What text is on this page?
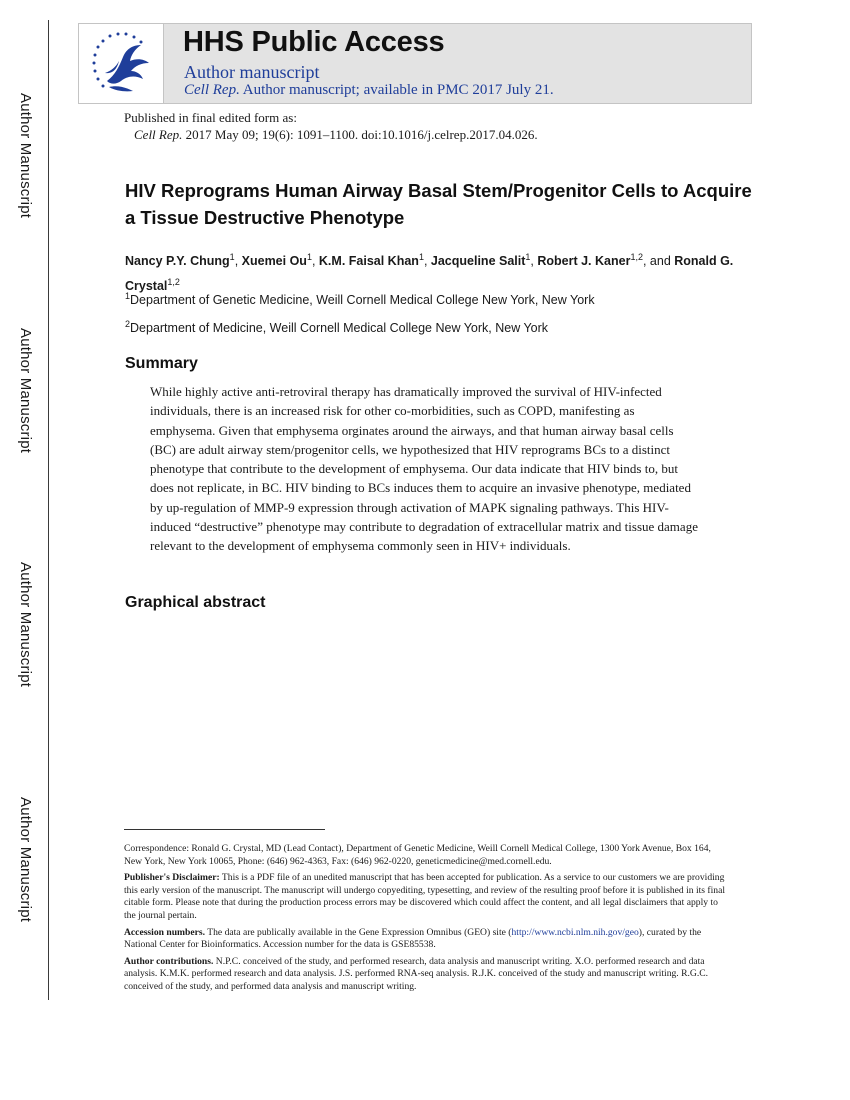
Author Manuscript
Author Manuscript
Author Manuscript
Author Manuscript
HHS Public Access
Author manuscript
Cell Rep. Author manuscript; available in PMC 2017 July 21.
Published in final edited form as:
Cell Rep. 2017 May 09; 19(6): 1091–1100. doi:10.1016/j.celrep.2017.04.026.
HIV Reprograms Human Airway Basal Stem/Progenitor Cells to Acquire a Tissue Destructive Phenotype
Nancy P.Y. Chung$^1$, Xuemei Ou$^1$, K.M. Faisal Khan$^1$, Jacqueline Salit$^1$, Robert J. Kaner$^{1,2}$, and Ronald G. Crystal$^{1,2}$
$^1$Department of Genetic Medicine, Weill Cornell Medical College New York, New York
$^2$Department of Medicine, Weill Cornell Medical College New York, New York
Summary

While highly active anti-retroviral therapy has dramatically improved the survival of HIV-infected individuals, there is an increased risk for other co-morbidities, such as COPD, manifesting as emphysema. Given that emphysema orginates around the airways, and that human airway basal cells (BC) are adult airway stem/progenitor cells, we hypothesized that HIV reprograms BCs to a distinct phenotype that contribute to the development of emphysema. Our data indicate that HIV binds to, but does not replicate, in BC. HIV binding to BCs induces them to acquire an invasive phenotype, mediated by up-regulation of MMP-9 expression through activation of MAPK signaling pathways. This HIV-induced “destructive” phenotype may contribute to degradation of extracellular matrix and tissue damage relevant to the development of emphysema commonly seen in HIV+ individuals.

Graphical abstract

Correspondence: Ronald G. Crystal, MD (Lead Contact), Department of Genetic Medicine, Weill Cornell Medical College, 1300 York Avenue, Box 164, New York, New York 10065, Phone: (646) 962-4363, Fax: (646) 962-0220, geneticmedicine@med.cornell.edu.

Publisher's Disclaimer: This is a PDF file of an unedited manuscript that has been accepted for publication. As a service to our customers we are providing this early version of the manuscript. The manuscript will undergo copyediting, typesetting, and review of the resulting proof before it is published in its final citable form. Please note that during the production process errors may be discovered which could affect the content, and all legal disclaimers that apply to the journal pertain.

Accession numbers. The data are publically available in the Gene Expression Omnibus (GEO) site (http://www.ncbi.nlm.nih.gov/geo), curated by the National Center for Bioinformatics. Accession number for the data is GSE85538.

Author contributions. N.P.C. conceived of the study, and performed research, data analysis and manuscript writing. X.O. performed research and data analysis. K.M.K. performed research and data analysis. J.S. performed RNA-seq analysis. R.J.K. conceived of the study and manuscript writing. R.G.C. conceived of the study, and performed data analysis and manuscript writing.
